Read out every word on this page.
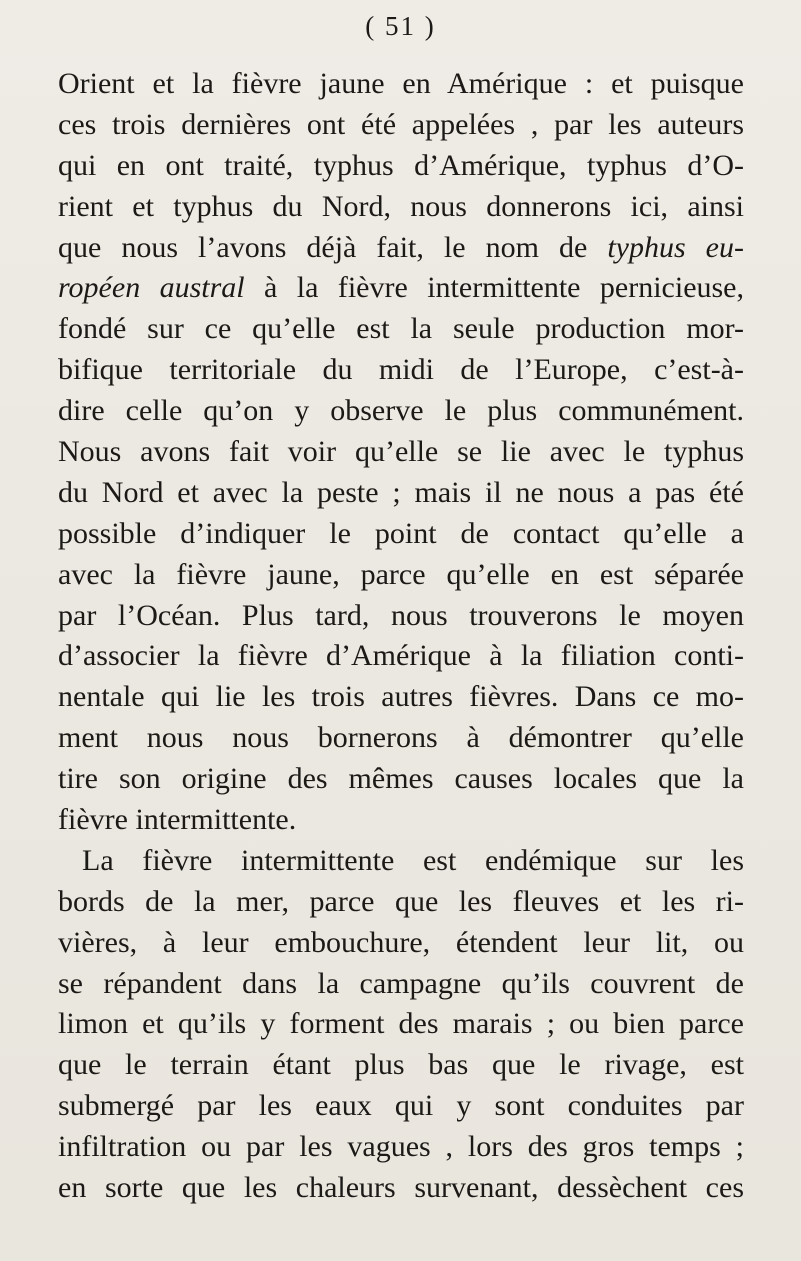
( 51 )
Orient et la fièvre jaune en Amérique : et puisque
ces trois dernières ont été appelées , par les auteurs
qui en ont traité, typhus d’Amérique, typhus d’O-
rient et typhus du Nord, nous donnerons ici, ainsi
que nous l’avons déjà fait, le nom de typhus eu-
ropéen austral à la fièvre intermittente pernicieuse,
fondé sur ce qu’elle est la seule production mor-
bifique territoriale du midi de l’Europe, c’est-à-
dire celle qu’on y observe le plus communément.
Nous avons fait voir qu’elle se lie avec le typhus
du Nord et avec la peste ; mais il ne nous a pas été
possible d’indiquer le point de contact qu’elle a
avec la fièvre jaune, parce qu’elle en est séparée
par l’Océan. Plus tard, nous trouverons le moyen
d’associer la fièvre d’Amérique à la filiation conti-
nentale qui lie les trois autres fièvres. Dans ce mo-
ment nous nous bornerons à démontrer qu’elle
tire son origine des mêmes causes locales que la
fièvre intermittente.
La fièvre intermittente est endémique sur les
bords de la mer, parce que les fleuves et les ri-
vières, à leur embouchure, étendent leur lit, ou
se répandent dans la campagne qu’ils couvrent de
limon et qu’ils y forment des marais ; ou bien parce
que le terrain étant plus bas que le rivage, est
submergé par les eaux qui y sont conduites par
infiltration ou par les vagues , lors des gros temps ;
en sorte que les chaleurs survenant, dessèchent ces
